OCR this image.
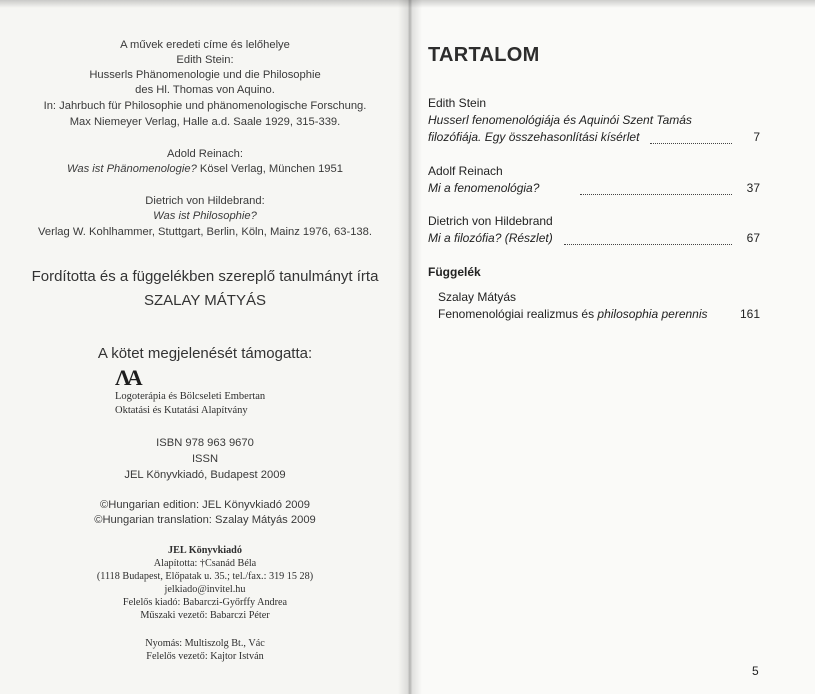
A művek eredeti címe és lelőhelye
Edith Stein:
Husserls Phänomenologie und die Philosophie
des Hl. Thomas von Aquino.
In: Jahrbuch für Philosophie und phänomenologische Forschung.
Max Niemeyer Verlag, Halle a.d. Saale 1929, 315-339.
Adold Reinach:
Was ist Phänomenologie? Kösel Verlag, München 1951
Dietrich von Hildebrand:
Was ist Philosophie?
Verlag W. Kohlhammer, Stuttgart, Berlin, Köln, Mainz 1976, 63-138.
Fordította és a függelékben szereplő tanulmányt írta
SZALAY MÁTYÁS
A kötet megjelenését támogatta:
ΛA
Logoterápia és Bölcseleti Embertan
Oktatási és Kutatási Alapítvány
ISBN 978 963 9670
ISSN
JEL Könyvkiadó, Budapest 2009
©Hungarian edition: JEL Könyvkiadó 2009
©Hungarian translation: Szalay Mátyás 2009
JEL Könyvkiadó
Alapította: †Csanád Béla
(1118 Budapest, Előpatak u. 35.; tel./fax.: 319 15 28)
jelkiado@invitel.hu
Felelős kiadó: Babarczi-Győrffy Andrea
Műszaki vezető: Babarczi Péter
Nyomás: Multiszolg Bt., Vác
Felelős vezető: Kajtor István
TARTALOM
Edith Stein
Husserl fenomenológiája és Aquinói Szent Tamás
filozófiája. Egy összehasonlítási kísérlet	7
Adolf Reinach
Mi a fenomenológia?	37
Dietrich von Hildebrand
Mi a filozófia? (Részlet)	67
Függelék
Szalay Mátyás
Fenomenológiai realizmus és philosophia perennis	161
5
